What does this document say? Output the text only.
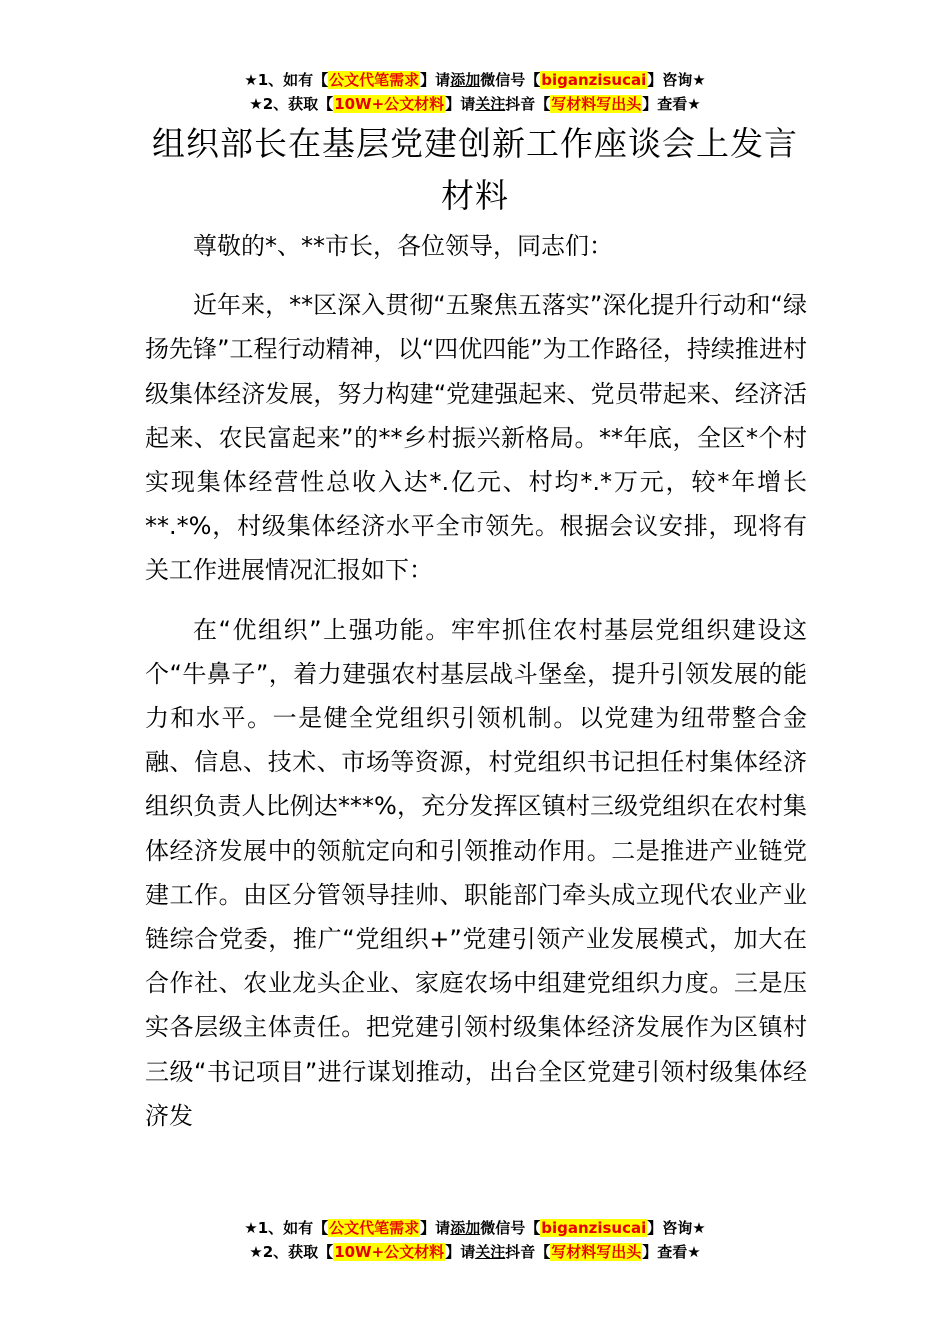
★1、如有【公文代笔需求】请添加微信号【biganzisucai】咨询★
★2、获取【10W+公文材料】请关注抖音【写材料写出头】查看★
组织部长在基层党建创新工作座谈会上发言材料

尊敬的*、**市长，各位领导，同志们：

近年来，**区深入贯彻“五聚焦五落实”深化提升行动和“绿扬先锋”工程行动精神，以“四优四能”为工作路径，持续推进村级集体经济发展，努力构建“党建强起来、党员带起来、经济活起来、农民富起来”的**乡村振兴新格局。**年底，全区*个村实现集体经营性总收入达*.亿元、村均*.*万元，较*年增长**.*%，村级集体经济水平全市领先。根据会议安排，现将有关工作进展情况汇报如下：

在“优组织”上强功能。牢牢抓住农村基层党组织建设这个“牛鼻子”，着力建强农村基层战斗堡垒，提升引领发展的能力和水平。一是健全党组织引领机制。以党建为纽带整合金融、信息、技术、市场等资源，村党组织书记担任村集体经济组织负责人比例达***%，充分发挥区镇村三级党组织在农村集体经济发展中的领航定向和引领推动作用。二是推进产业链党建工作。由区分管领导挂帅、职能部门牵头成立现代农业产业链综合党委，推广“党组织+”党建引领产业发展模式，加大在合作社、农业龙头企业、家庭农场中组建党组织力度。三是压实各层级主体责任。把党建引领村级集体经济发展作为区镇村三级“书记项目”进行谋划推动，出台全区党建引领村级集体经济发

★1、如有【公文代笔需求】请添加微信号【biganzisucai】咨询★
★2、获取【10W+公文材料】请关注抖音【写材料写出头】查看★
